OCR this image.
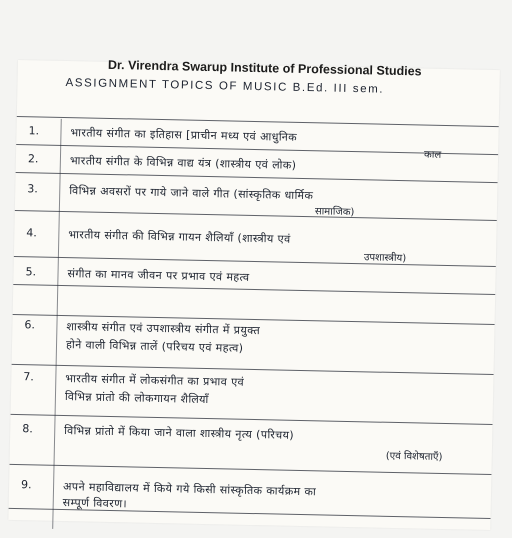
Dr. Virendra Swarup Institute of Professional Studies
ASSIGNMENT TOPICS OF MUSIC B.Ed. III sem.
1.	भारतीय संगीत का इतिहास [प्राचीन मध्य एवं आधुनिक
काल
2.	भारतीय संगीत के विभिन्न वाद्य यंत्र (शास्त्रीय एवं लोक)
3.	विभिन्न अवसरों पर गाये जाने वाले गीत (सांस्कृतिक धार्मिक
सामाजिक)
4.	भारतीय संगीत की विभिन्न गायन शैलियाँ (शास्त्रीय एवं
उपशास्त्रीय)
5.	संगीत का मानव जीवन पर प्रभाव एवं महत्व
6.	शास्त्रीय संगीत एवं उपशास्त्रीय संगीत में प्रयुक्त
होने वाली विभिन्न तालें (परिचय एवं महत्व)
7.	भारतीय संगीत में लोकसंगीत का प्रभाव एवं
विभिन्न प्रांतो की लोकगायन शैलियाँ
8.	विभिन्न प्रांतो में किया जाने वाला शास्त्रीय नृत्य (परिचय)
(एवं विशेषताएँ)
9.	अपने महाविद्यालय में किये गये किसी सांस्कृतिक कार्यक्रम का
सम्पूर्ण विवरण।
